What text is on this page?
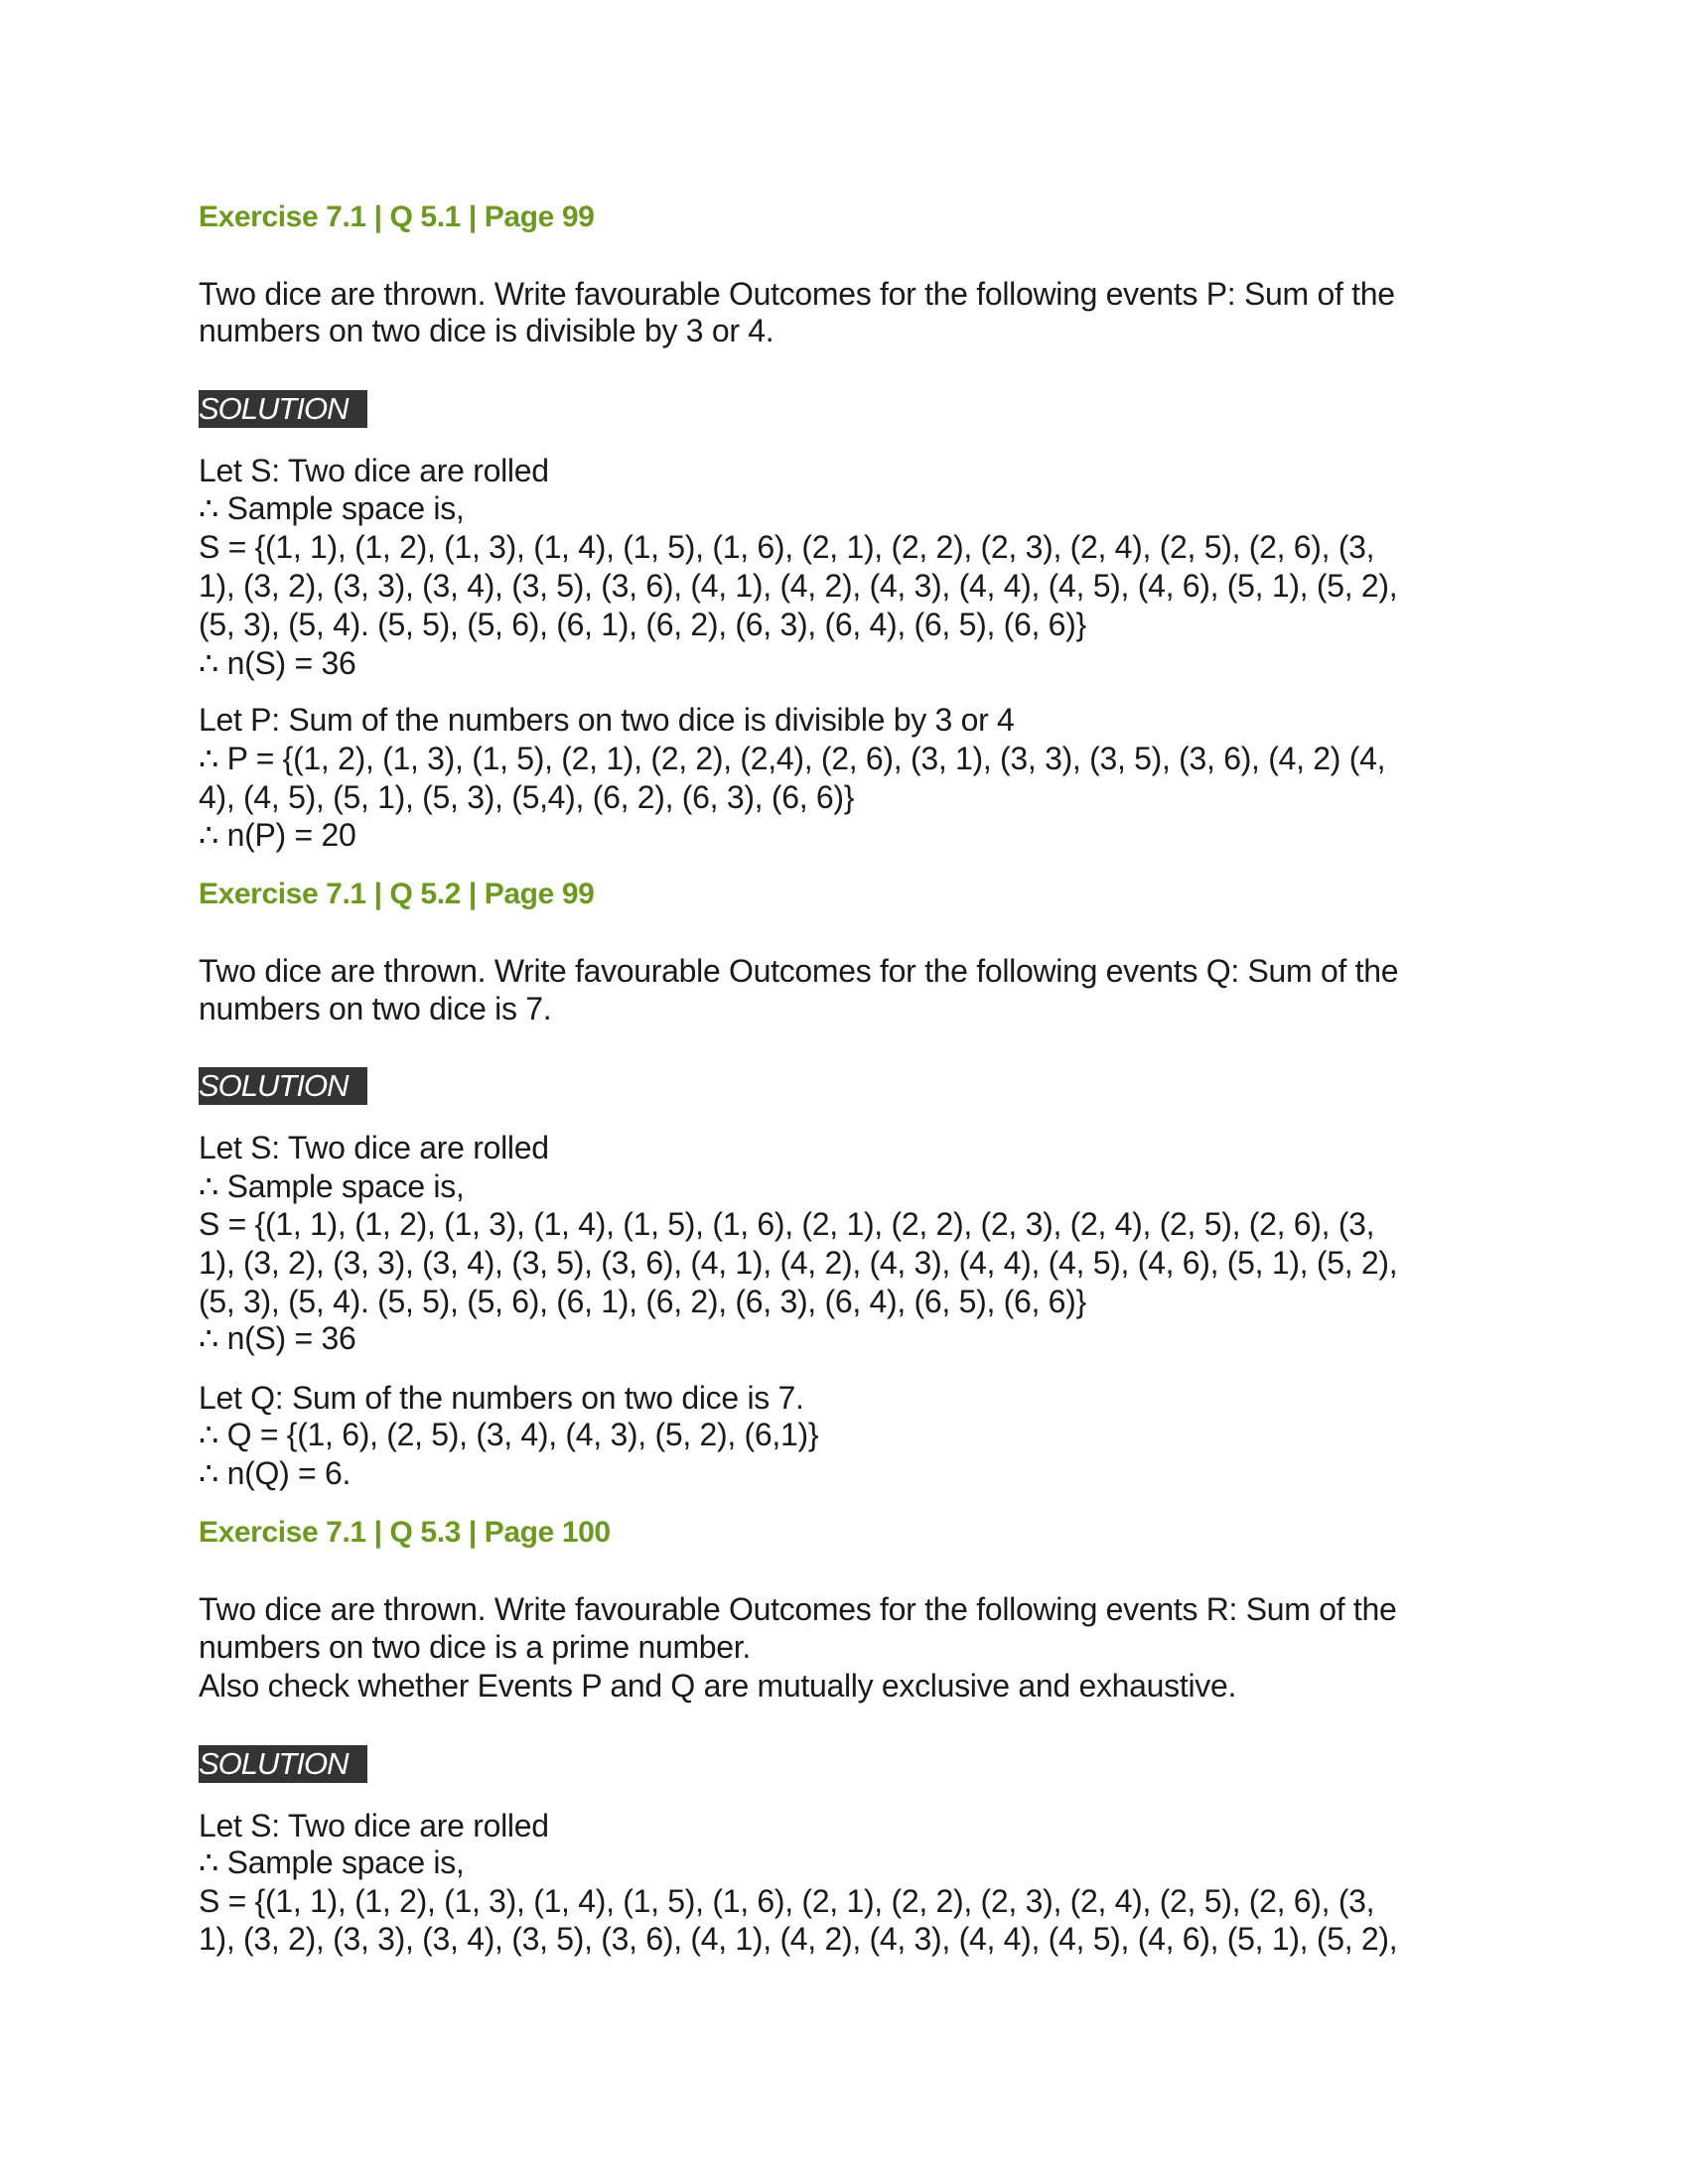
Exercise 7.1 | Q 5.1 | Page 99
Two dice are thrown. Write favourable Outcomes for the following events P: Sum of the
numbers on two dice is divisible by 3 or 4.
SOLUTION
Let S: Two dice are rolled
∴ Sample space is,
S = {(1, 1), (1, 2), (1, 3), (1, 4), (1, 5), (1, 6), (2, 1), (2, 2), (2, 3), (2, 4), (2, 5), (2, 6), (3,
1), (3, 2), (3, 3), (3, 4), (3, 5), (3, 6), (4, 1), (4, 2), (4, 3), (4, 4), (4, 5), (4, 6), (5, 1), (5, 2),
(5, 3), (5, 4). (5, 5), (5, 6), (6, 1), (6, 2), (6, 3), (6, 4), (6, 5), (6, 6)}
∴ n(S) = 36
Let P: Sum of the numbers on two dice is divisible by 3 or 4
∴ P = {(1, 2), (1, 3), (1, 5), (2, 1), (2, 2), (2,4), (2, 6), (3, 1), (3, 3), (3, 5), (3, 6), (4, 2) (4,
4), (4, 5), (5, 1), (5, 3), (5,4), (6, 2), (6, 3), (6, 6)}
∴ n(P) = 20
Exercise 7.1 | Q 5.2 | Page 99
Two dice are thrown. Write favourable Outcomes for the following events Q: Sum of the
numbers on two dice is 7.
SOLUTION
Let S: Two dice are rolled
∴ Sample space is,
S = {(1, 1), (1, 2), (1, 3), (1, 4), (1, 5), (1, 6), (2, 1), (2, 2), (2, 3), (2, 4), (2, 5), (2, 6), (3,
1), (3, 2), (3, 3), (3, 4), (3, 5), (3, 6), (4, 1), (4, 2), (4, 3), (4, 4), (4, 5), (4, 6), (5, 1), (5, 2),
(5, 3), (5, 4). (5, 5), (5, 6), (6, 1), (6, 2), (6, 3), (6, 4), (6, 5), (6, 6)}
∴ n(S) = 36
Let Q: Sum of the numbers on two dice is 7.
∴ Q = {(1, 6), (2, 5), (3, 4), (4, 3), (5, 2), (6,1)}
∴ n(Q) = 6.
Exercise 7.1 | Q 5.3 | Page 100
Two dice are thrown. Write favourable Outcomes for the following events R: Sum of the
numbers on two dice is a prime number.
Also check whether Events P and Q are mutually exclusive and exhaustive.
SOLUTION
Let S: Two dice are rolled
∴ Sample space is,
S = {(1, 1), (1, 2), (1, 3), (1, 4), (1, 5), (1, 6), (2, 1), (2, 2), (2, 3), (2, 4), (2, 5), (2, 6), (3,
1), (3, 2), (3, 3), (3, 4), (3, 5), (3, 6), (4, 1), (4, 2), (4, 3), (4, 4), (4, 5), (4, 6), (5, 1), (5, 2),
